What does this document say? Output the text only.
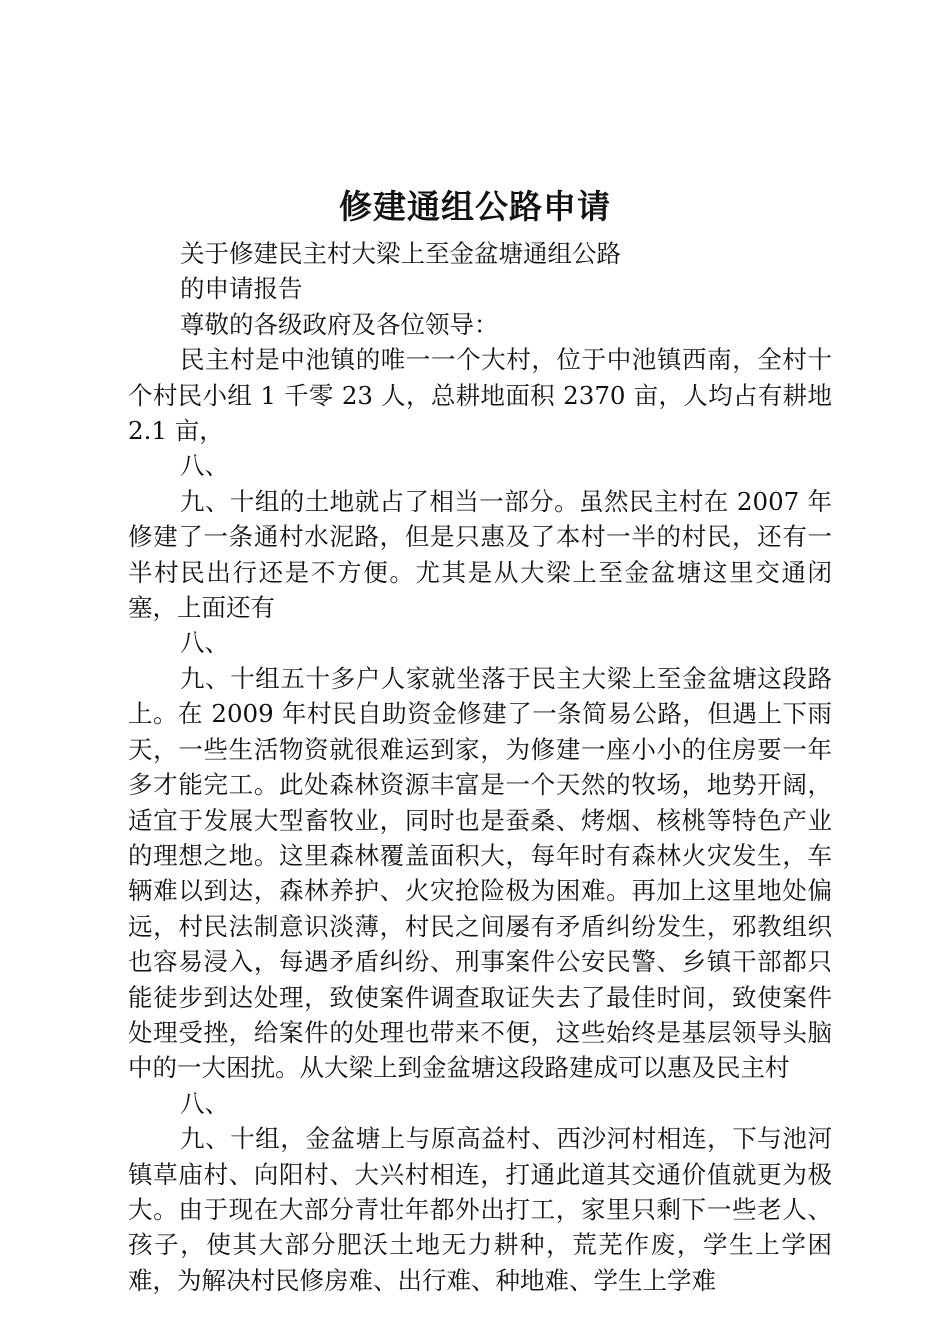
修建通组公路申请

关于修建民主村大梁上至金盆塘通组公路

的申请报告

尊敬的各级政府及各位领导：

民主村是中池镇的唯一一个大村，位于中池镇西南，全村十个村民小组 1 千零 23 人，总耕地面积 2370 亩，人均占有耕地 2.1 亩，

八、

九、十组的土地就占了相当一部分。虽然民主村在 2007 年修建了一条通村水泥路，但是只惠及了本村一半的村民，还有一半村民出行还是不方便。尤其是从大梁上至金盆塘这里交通闭塞，上面还有

八、

九、十组五十多户人家就坐落于民主大梁上至金盆塘这段路上。在 2009 年村民自助资金修建了一条简易公路，但遇上下雨天，一些生活物资就很难运到家，为修建一座小小的住房要一年多才能完工。此处森林资源丰富是一个天然的牧场，地势开阔，适宜于发展大型畜牧业，同时也是蚕桑、烤烟、核桃等特色产业的理想之地。这里森林覆盖面积大，每年时有森林火灾发生，车辆难以到达，森林养护、火灾抢险极为困难。再加上这里地处偏远，村民法制意识淡薄，村民之间屡有矛盾纠纷发生，邪教组织也容易浸入，每遇矛盾纠纷、刑事案件公安民警、乡镇干部都只能徒步到达处理，致使案件调查取证失去了最佳时间，致使案件处理受挫，给案件的处理也带来不便，这些始终是基层领导头脑中的一大困扰。从大梁上到金盆塘这段路建成可以惠及民主村

八、

九、十组，金盆塘上与原高益村、西沙河村相连，下与池河镇草庙村、向阳村、大兴村相连，打通此道其交通价值就更为极大。由于现在大部分青壮年都外出打工，家里只剩下一些老人、孩子，使其大部分肥沃土地无力耕种，荒芜作废，学生上学困难，为解决村民修房难、出行难、种地难、学生上学难
